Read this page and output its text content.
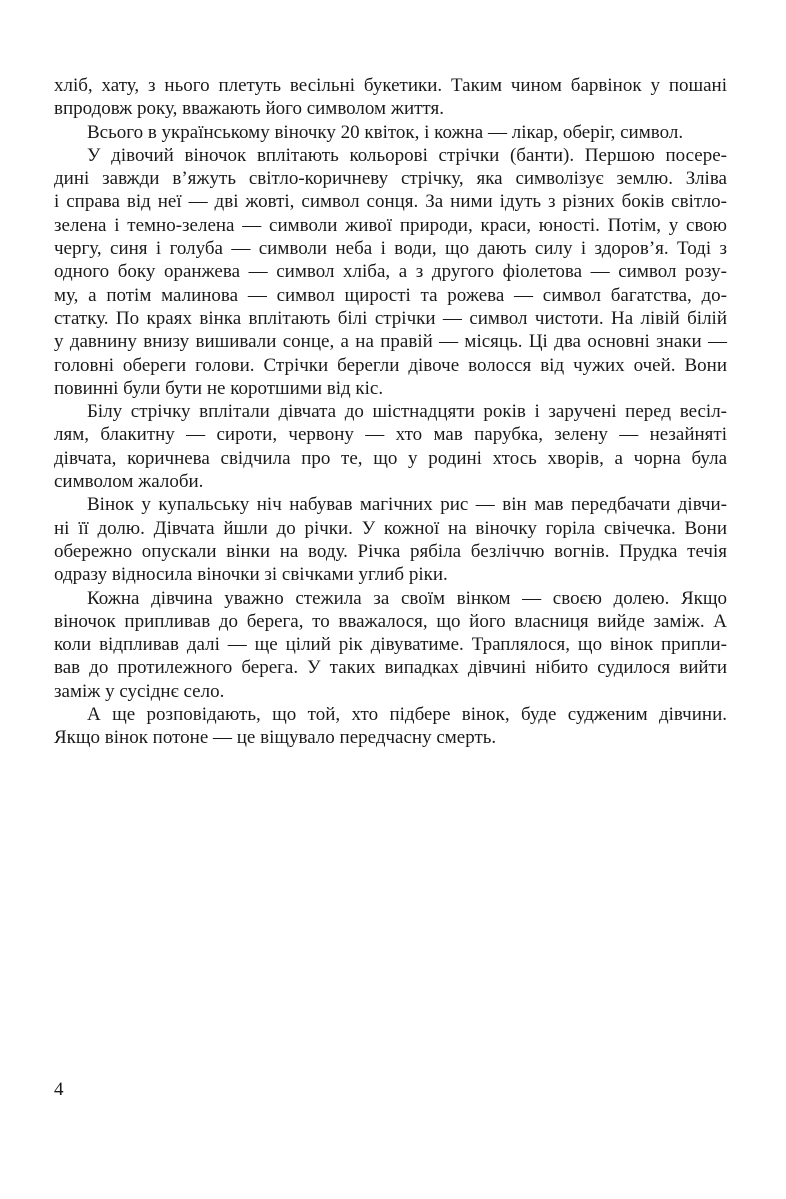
хліб, хату, з нього плетуть весільні букетики. Таким чином барвінок у пошані
впродовж року, вважають його символом життя.
Всього в українському віночку 20 квіток, і кожна — лікар, оберіг, символ.
У дівочий віночок вплітають кольорові стрічки (банти). Першою посере-
дині завжди в’яжуть світло-коричневу стрічку, яка символізує землю. Зліва
і справа від неї — дві жовті, символ сонця. За ними ідуть з різних боків світло-
зелена і темно-зелена — символи живої природи, краси, юності. Потім, у свою
чергу, синя і голуба — символи неба і води, що дають силу і здоров’я. Тоді з
одного боку оранжева — символ хліба, а з другого фіолетова — символ розу-
му, а потім малинова — символ щирості та рожева — символ багатства, до-
статку. По краях вінка вплітають білі стрічки — символ чистоти. На лівій білій
у давнину внизу вишивали сонце, а на правій — місяць. Ці два основні знаки —
головні обереги голови. Стрічки берегли дівоче волосся від чужих очей. Вони
повинні були бути не коротшими від кіс.
Білу стрічку вплітали дівчата до шістнадцяти років і заручені перед весіл-
лям, блакитну — сироти, червону — хто мав парубка, зелену — незайняті
дівчата, коричнева свідчила про те, що у родині хтось хворів, а чорна була
символом жалоби.
Вінок у купальську ніч набував магічних рис — він мав передбачати дівчи-
ні її долю. Дівчата йшли до річки. У кожної на віночку горіла свічечка. Вони
обережно опускали вінки на воду. Річка рябіла безліччю вогнів. Прудка течія
одразу відносила віночки зі свічками углиб ріки.
Кожна дівчина уважно стежила за своїм вінком — своєю долею. Якщо
віночок припливав до берега, то вважалося, що його власниця вийде заміж. А
коли відпливав далі — ще цілий рік дівуватиме. Траплялося, що вінок припли-
вав до протилежного берега. У таких випадках дівчині нібито судилося вийти
заміж у сусіднє село.
А ще розповідають, що той, хто підбере вінок, буде судженим дівчини.
Якщо вінок потоне — це віщувало передчасну смерть.
4
